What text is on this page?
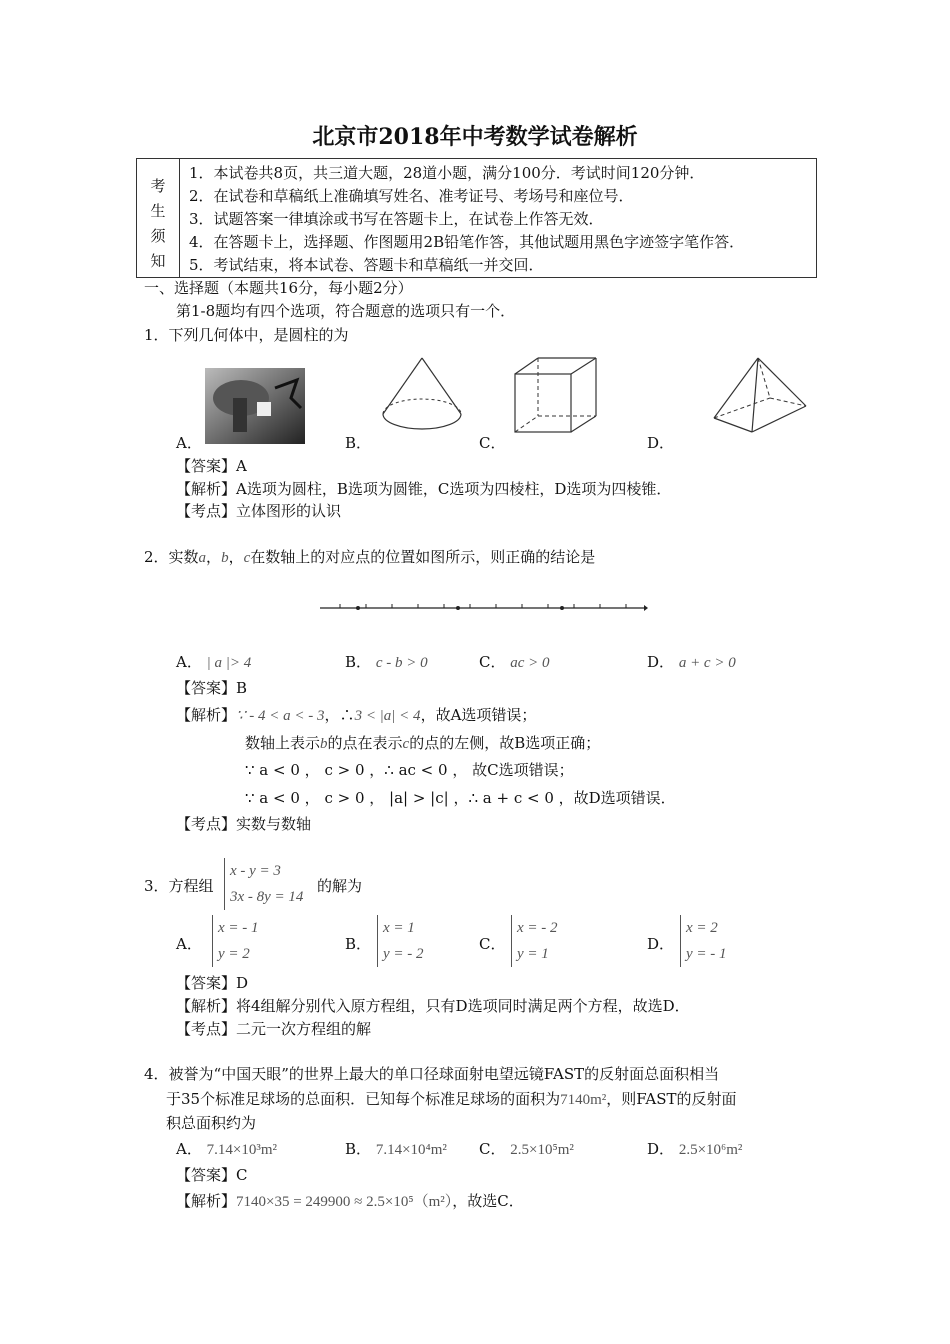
北京市2018年中考数学试卷解析
考
生
须
知
1．本试卷共8页，共三道大题，28道小题，满分100分．考试时间120分钟．
2．在试卷和草稿纸上准确填写姓名、准考证号、考场号和座位号．
3．试题答案一律填涂或书写在答题卡上，在试卷上作答无效．
4．在答题卡上，选择题、作图题用2B铅笔作答，其他试题用黑色字迹签字笔作答．
5．考试结束，将本试卷、答题卡和草稿纸一并交回．
一、选择题（本题共16分，每小题2分）
第1-8题均有四个选项，符合题意的选项只有一个．
1．下列几何体中，是圆柱的为
A．	B．	C．	D．
【答案】A
【解析】A选项为圆柱，B选项为圆锥，C选项为四棱柱，D选项为四棱锥．
【考点】立体图形的认识
2．实数a，b，c在数轴上的对应点的位置如图所示，则正确的结论是
A． | a |> 4	B． c - b > 0	C． ac > 0	D． a + c > 0
【答案】B
【解析】∵ - 4 < a < - 3，∴3 < |a| < 4，故A选项错误；
数轴上表示b的点在表示c的点的左侧，故B选项正确；
∵ a < 0 ， c > 0 ，∴ ac < 0 ， 故C选项错误；
∵ a < 0 ， c > 0 ， |a| > |c| ，∴ a + c < 0 ，故D选项错误．
【考点】实数与数轴
3．方程组
x - y = 3
3x - 8y = 14
的解为
A．
x = - 1
y = 2
B．
x = 1
y = - 2
C．
x = - 2
y = 1
D．
x = 2
y = - 1
【答案】D
【解析】将4组解分别代入原方程组，只有D选项同时满足两个方程，故选D．
【考点】二元一次方程组的解
4．被誉为“中国天眼”的世界上最大的单口径球面射电望远镜FAST的反射面总面积相当
于35个标准足球场的总面积．已知每个标准足球场的面积为7140m²，则FAST的反射面
积总面积约为
A． 7.14×10³m²	B． 7.14×10⁴m² C． 2.5×10⁵m²	D． 2.5×10⁶m²
【答案】C
【解析】7140×35 = 249900 ≈ 2.5×10⁵（m²），故选C．
